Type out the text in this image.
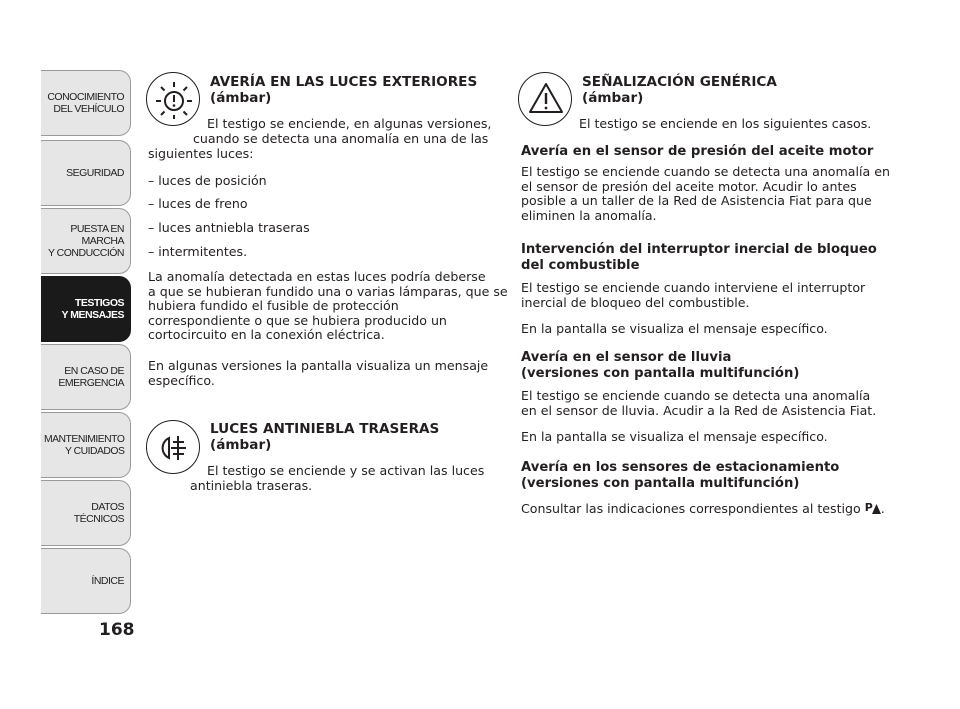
CONOCIMIENTO
DEL VEHÍCULO
SEGURIDAD
PUESTA EN
MARCHA
Y CONDUCCIÓN
TESTIGOS
Y MENSAJES
EN CASO DE
EMERGENCIA
MANTENIMIENTO
Y CUIDADOS
DATOS
TÉCNICOS
ÍNDICE
168
AVERÍA EN LAS LUCES EXTERIORES
(ámbar)
El testigo se enciende, en algunas versiones,
cuando se detecta una anomalía en una de las
siguientes luces:
– luces de posición
– luces de freno
– luces antniebla traseras
– intermitentes.
La anomalía detectada en estas luces podría deberse
a que se hubieran fundido una o varias lámparas, que se
hubiera fundido el fusible de protección
correspondiente o que se hubiera producido un
cortocircuito en la conexión eléctrica.
En algunas versiones la pantalla visualiza un mensaje
específico.
LUCES ANTINIEBLA TRASERAS
(ámbar)
El testigo se enciende y se activan las luces
antiniebla traseras.
SEÑALIZACIÓN GENÉRICA
(ámbar)
El testigo se enciende en los siguientes casos.
Avería en el sensor de presión del aceite motor
El testigo se enciende cuando se detecta una anomalía en
el sensor de presión del aceite motor. Acudir lo antes
posible a un taller de la Red de Asistencia Fiat para que
eliminen la anomalía.
Intervención del interruptor inercial de bloqueo
del combustible
El testigo se enciende cuando interviene el interruptor
inercial de bloqueo del combustible.
En la pantalla se visualiza el mensaje específico.
Avería en el sensor de lluvia
(versiones con pantalla multifunción)
El testigo se enciende cuando se detecta una anomalía
en el sensor de lluvia. Acudir a la Red de Asistencia Fiat.
En la pantalla se visualiza el mensaje específico.
Avería en los sensores de estacionamiento
(versiones con pantalla multifunción)
Consultar las indicaciones correspondientes al testigo P .
